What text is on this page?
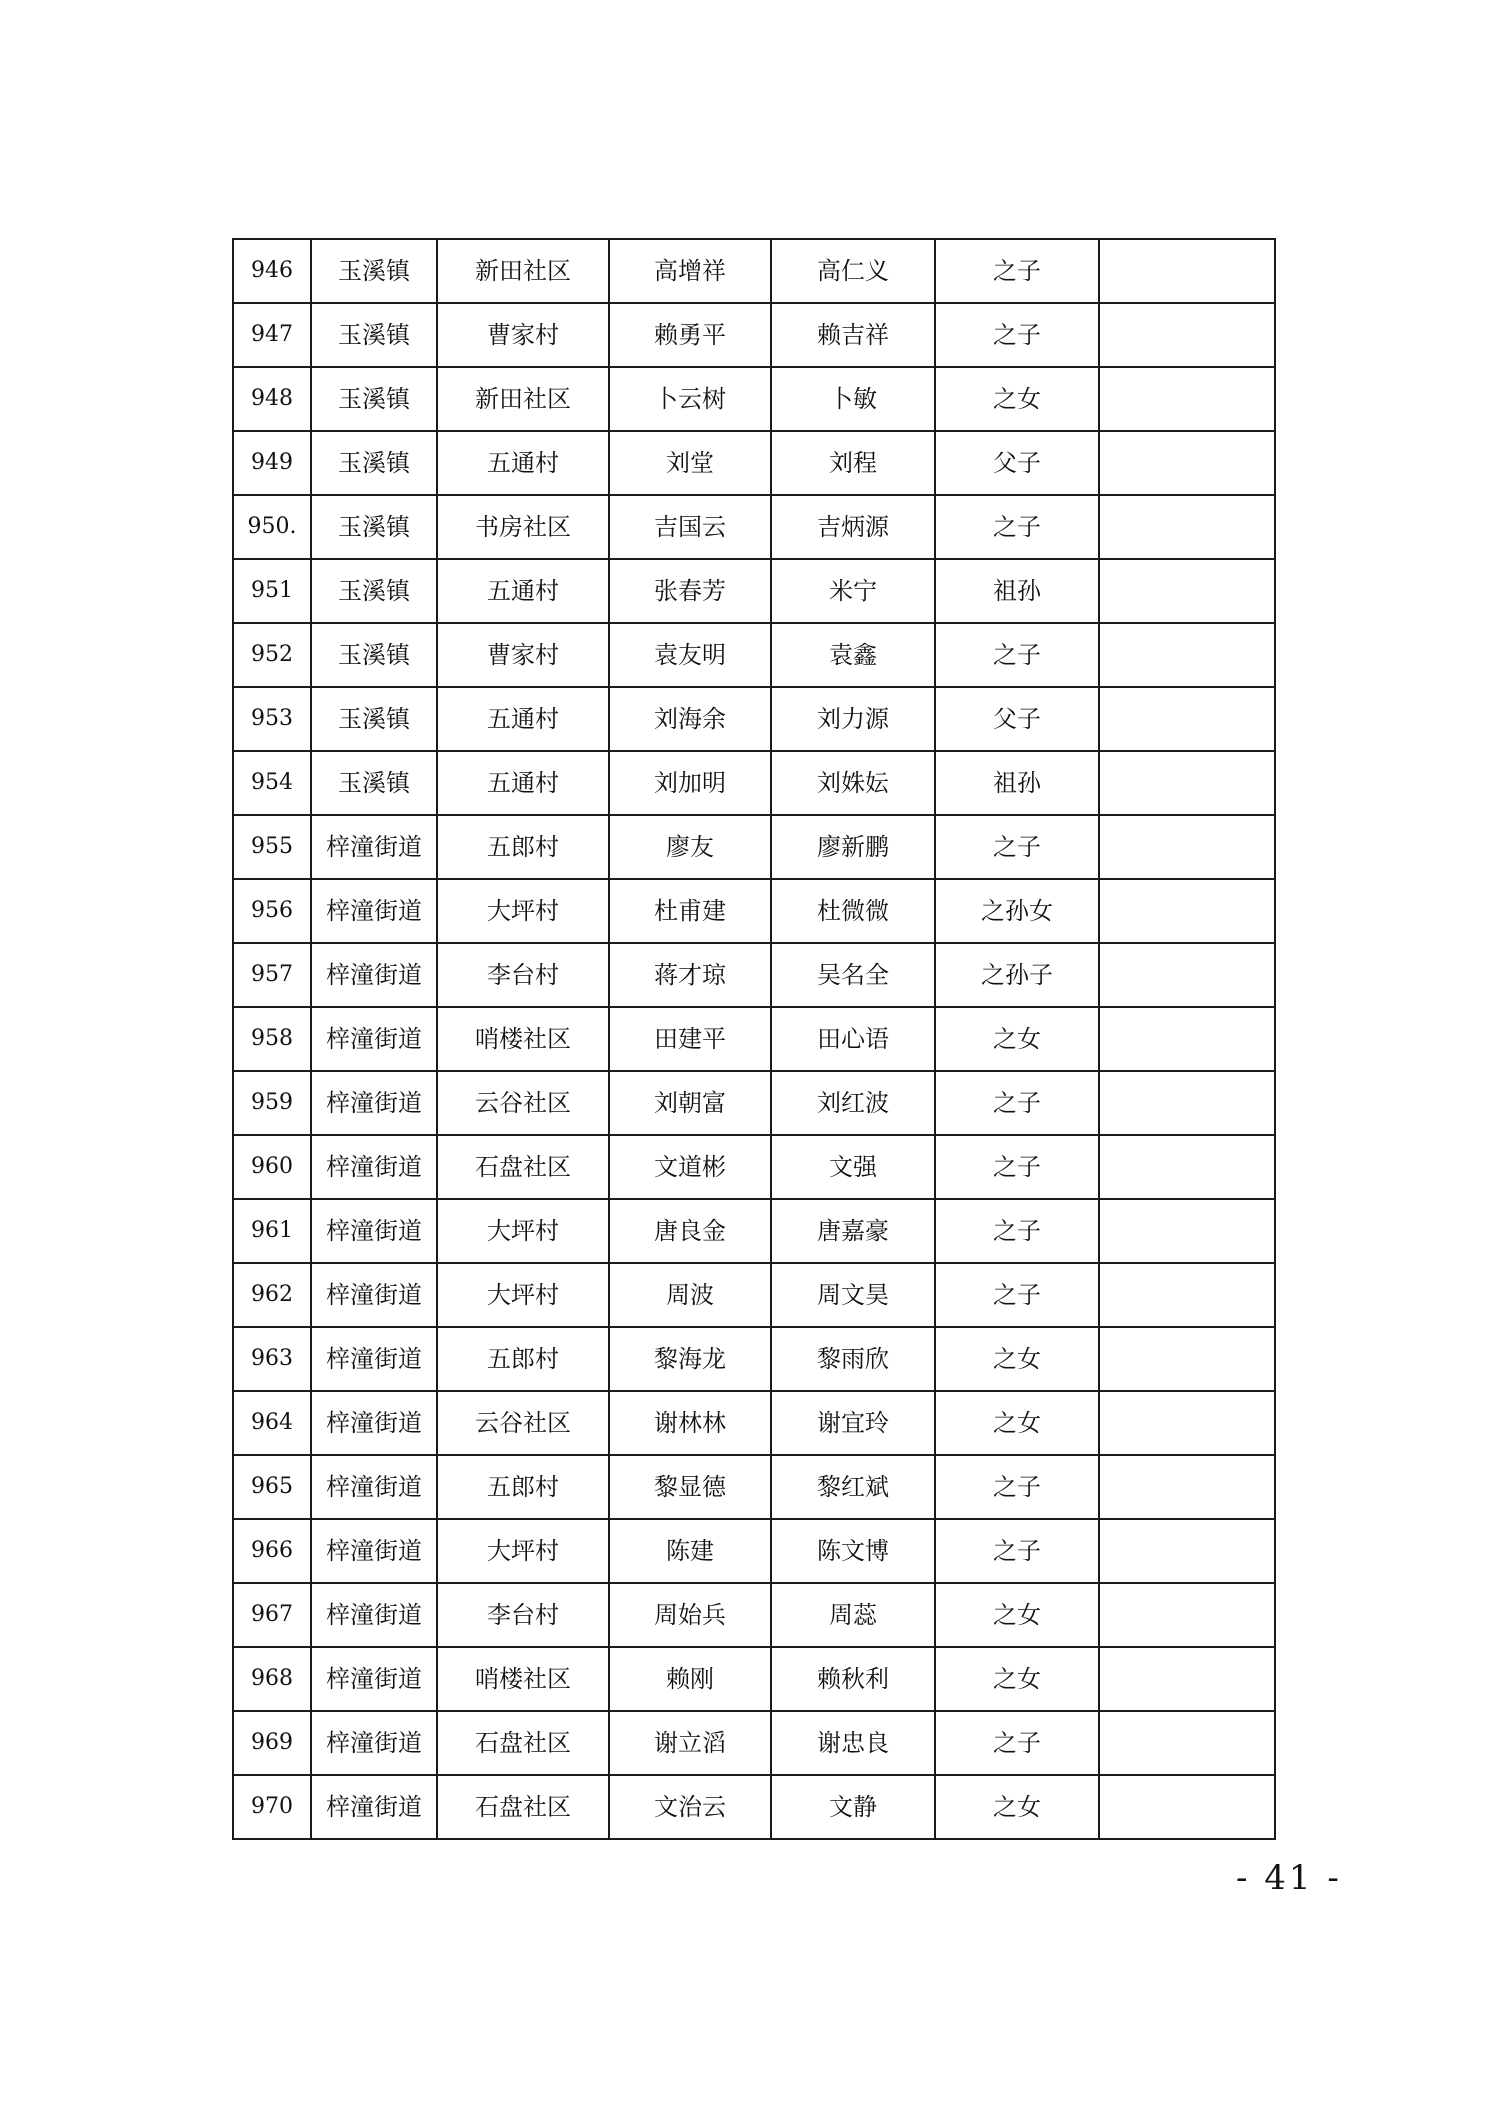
946	玉溪镇	新田社区	高增祥	高仁义	之子	
947	玉溪镇	曹家村	赖勇平	赖吉祥	之子	
948	玉溪镇	新田社区	卜云树	卜敏	之女	
949	玉溪镇	五通村	刘堂	刘程	父子	
950.	玉溪镇	书房社区	吉国云	吉炳源	之子	
951	玉溪镇	五通村	张春芳	米宁	祖孙	
952	玉溪镇	曹家村	袁友明	袁鑫	之子	
953	玉溪镇	五通村	刘海余	刘力源	父子	
954	玉溪镇	五通村	刘加明	刘姝妘	祖孙	
955	梓潼街道	五郎村	廖友	廖新鹏	之子	
956	梓潼街道	大坪村	杜甫建	杜微微	之孙女	
957	梓潼街道	李台村	蒋才琼	吴名全	之孙子	
958	梓潼街道	哨楼社区	田建平	田心语	之女	
959	梓潼街道	云谷社区	刘朝富	刘红波	之子	
960	梓潼街道	石盘社区	文道彬	文强	之子	
961	梓潼街道	大坪村	唐良金	唐嘉豪	之子	
962	梓潼街道	大坪村	周波	周文昊	之子	
963	梓潼街道	五郎村	黎海龙	黎雨欣	之女	
964	梓潼街道	云谷社区	谢林林	谢宜玲	之女	
965	梓潼街道	五郎村	黎显德	黎红斌	之子	
966	梓潼街道	大坪村	陈建	陈文博	之子	
967	梓潼街道	李台村	周始兵	周蕊	之女	
968	梓潼街道	哨楼社区	赖刚	赖秋利	之女	
969	梓潼街道	石盘社区	谢立滔	谢忠良	之子	
970	梓潼街道	石盘社区	文治云	文静	之女	
- 41 -
